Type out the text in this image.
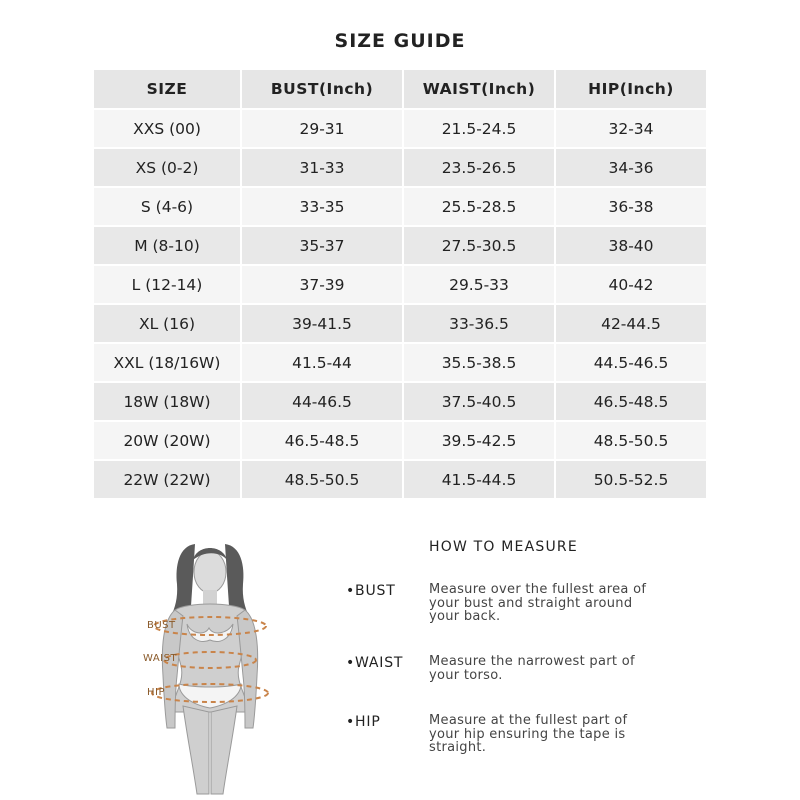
SIZE GUIDE
SIZE	BUST(Inch)	WAIST(Inch)	HIP(Inch)
XXS (00)	29-31	21.5-24.5	32-34
XS (0-2)	31-33	23.5-26.5	34-36
S (4-6)	33-35	25.5-28.5	36-38
M (8-10)	35-37	27.5-30.5	38-40
L (12-14)	37-39	29.5-33	40-42
XL (16)	39-41.5	33-36.5	42-44.5
XXL (18/16W)	41.5-44	35.5-38.5	44.5-46.5
18W (18W)	44-46.5	37.5-40.5	46.5-48.5
20W (20W)	46.5-48.5	39.5-42.5	48.5-50.5
22W (22W)	48.5-50.5	41.5-44.5	50.5-52.5
BUST
WAIST
HIP
HOW TO MEASURE
•BUST	Measure over the fullest area of your bust and straight around your back.
•WAIST Measure the narrowest part of your torso.
•HIP	Measure at the fullest part of your hip ensuring the tape is straight.
